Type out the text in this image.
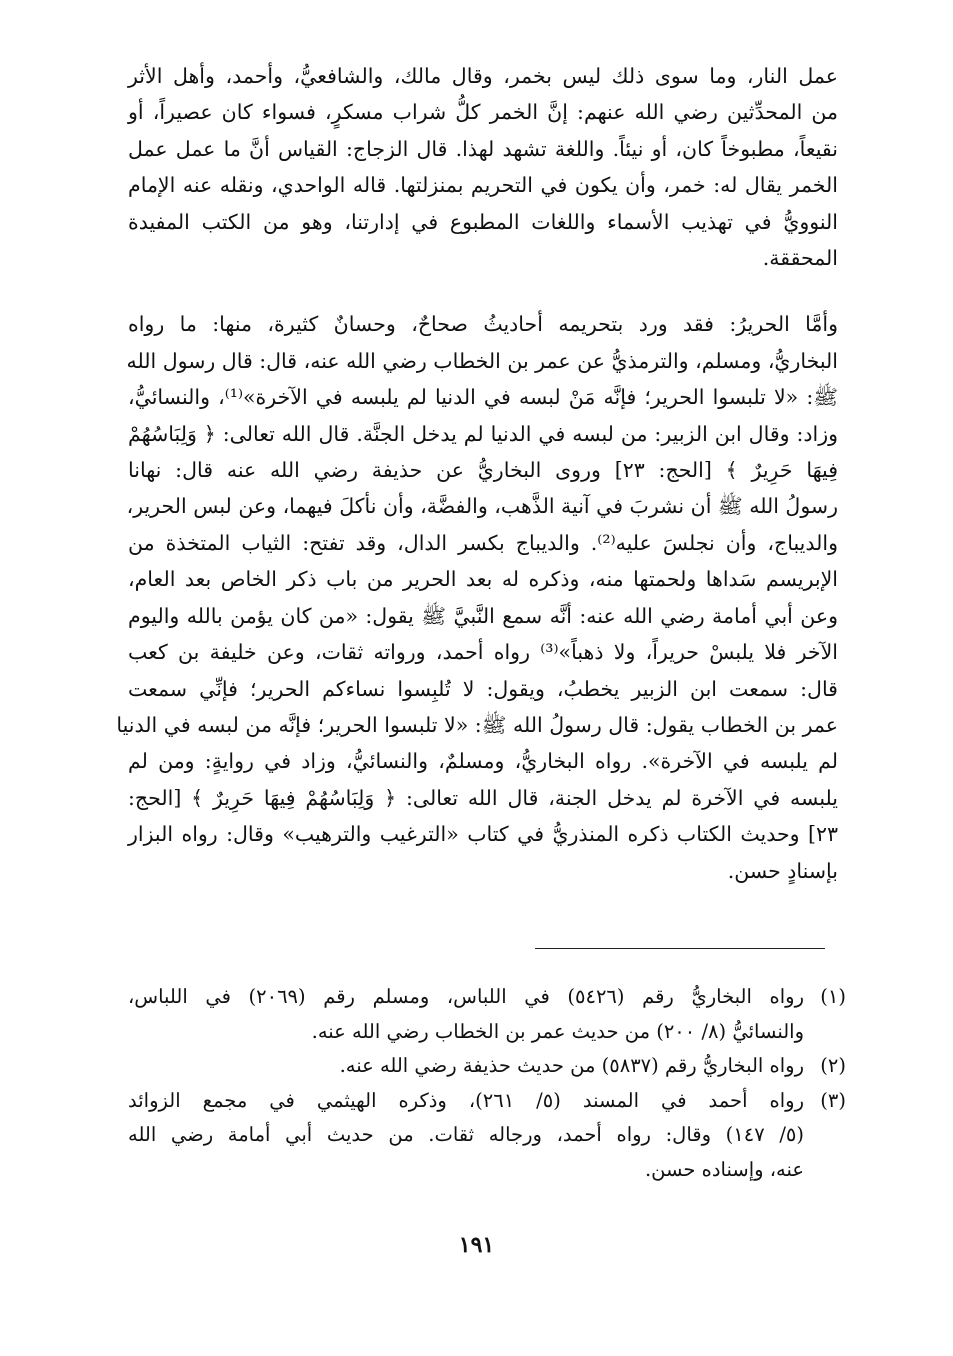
عمل النار، وما سوى ذلك ليس بخمر، وقال مالك، والشافعيُّ، وأحمد، وأهل الأثر
من المحدِّثين رضي الله عنهم: إنَّ الخمر كلُّ شراب مسكرٍ، فسواء كان عصيراً، أو
نقيعاً، مطبوخاً كان، أو نيئاً. واللغة تشهد لهذا. قال الزجاج: القياس أنَّ ما عمل عمل
الخمر يقال له: خمر، وأن يكون في التحريم بمنزلتها. قاله الواحدي، ونقله عنه الإمام
النوويُّ في تهذيب الأسماء واللغات المطبوع في إدارتنا، وهو من الكتب المفيدة
المحققة.

وأمَّا الحريرُ: فقد ورد بتحريمه أحاديثُ صحاحٌ، وحسانٌ كثيرة، منها: ما رواه
البخاريُّ، ومسلم، والترمذيُّ عن عمر بن الخطاب رضي الله عنه، قال: قال رسول الله
ﷺ: «لا تلبسوا الحرير؛ فإنَّه مَنْ لبسه في الدنيا لم يلبسه في الآخرة»⁽¹⁾، والنسائيُّ،
وزاد: وقال ابن الزبير: من لبسه في الدنيا لم يدخل الجنَّة. قال الله تعالى: ﴿ وَلِبَاسُهُمْ
فِيهَا حَرِيرٌ ﴾ [الحج: ٢٣] وروى البخاريُّ عن حذيفة رضي الله عنه قال: نهانا
رسولُ الله ﷺ أن نشربَ في آنية الذَّهب، والفضَّة، وأن نأكلَ فيهما، وعن لبس الحرير،
والديباج، وأن نجلسَ عليه⁽²⁾. والديباج بكسر الدال، وقد تفتح: الثياب المتخذة من
الإبريسم سَداها ولحمتها منه، وذكره له بعد الحرير من باب ذكر الخاص بعد العام،
وعن أبي أمامة رضي الله عنه: أنَّه سمع النَّبيَّ ﷺ يقول: «من كان يؤمن بالله واليوم
الآخر فلا يلبسْ حريراً، ولا ذهباً»⁽³⁾ رواه أحمد، ورواته ثقات، وعن خليفة بن كعب
قال: سمعت ابن الزبير يخطبُ، ويقول: لا تُلبِسوا نساءكم الحرير؛ فإنِّي سمعت
عمر بن الخطاب يقول: قال رسولُ الله ﷺ: «لا تلبسوا الحرير؛ فإنَّه من لبسه في الدنيا
لم يلبسه في الآخرة». رواه البخاريُّ، ومسلمٌ، والنسائيُّ، وزاد في روايةٍ: ومن لم
يلبسه في الآخرة لم يدخل الجنة، قال الله تعالى: ﴿ وَلِبَاسُهُمْ فِيهَا حَرِيرٌ ﴾ [الحج:
٢٣] وحديث الكتاب ذكره المنذريُّ في كتاب «الترغيب والترهيب» وقال: رواه البزار
بإسنادٍ حسن.

(١)
رواه البخاريُّ رقم (٥٤٢٦) في اللباس، ومسلم رقم (٢٠٦٩) في اللباس،
والنسائيُّ (٨/ ٢٠٠) من حديث عمر بن الخطاب رضي الله عنه.
(٢)
رواه البخاريُّ رقم (٥٨٣٧) من حديث حذيفة رضي الله عنه.
(٣)
رواه أحمد في المسند (٥/ ٢٦١)، وذكره الهيثمي في مجمع الزوائد
(٥/ ١٤٧) وقال: رواه أحمد، ورجاله ثقات. من حديث أبي أمامة رضي الله
عنه، وإسناده حسن.
١٩١
